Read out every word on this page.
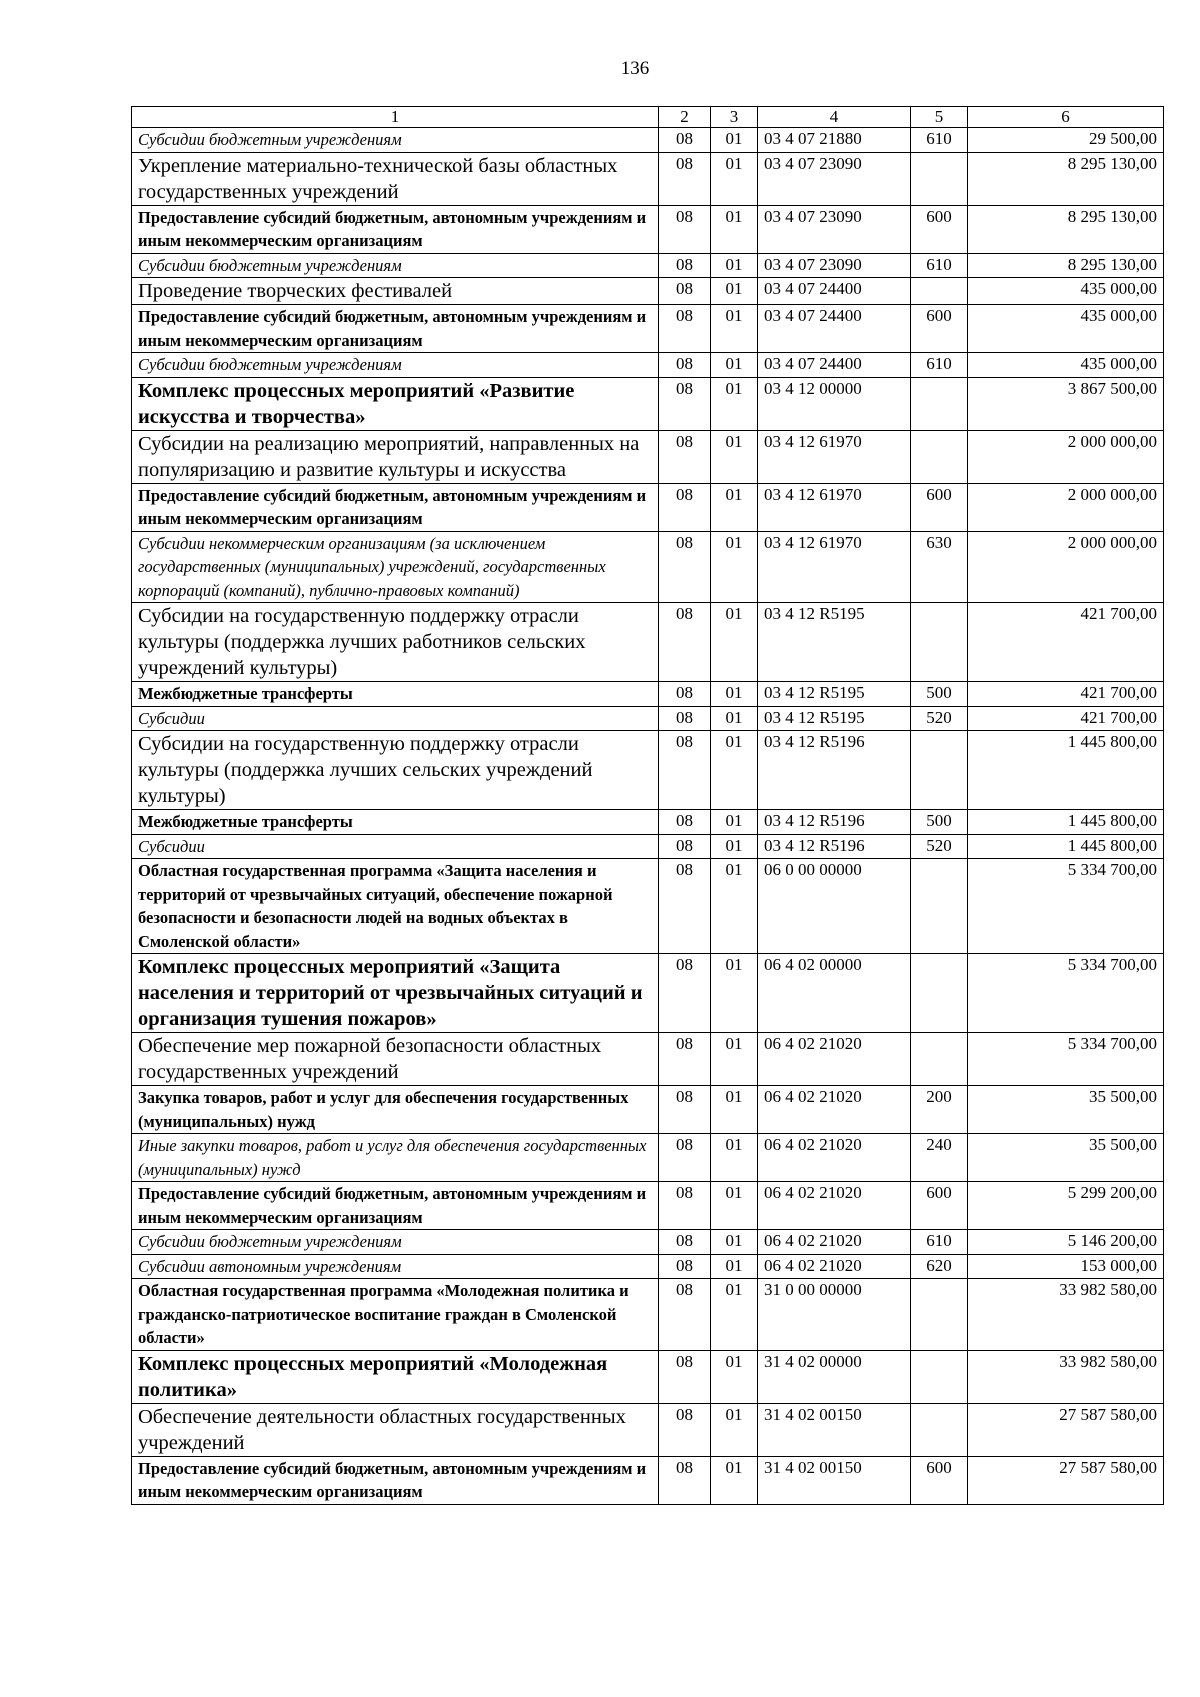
136
1	2	3	4	5	6
Субсидии бюджетным учреждениям	08	01	03 4 07 21880	610	29 500,00
Укрепление материально-технической базы областных государственных учреждений	08	01	03 4 07 23090		8 295 130,00
Предоставление субсидий бюджетным, автономным учреждениям и иным некоммерческим организациям	08	01	03 4 07 23090	600	8 295 130,00
Субсидии бюджетным учреждениям	08	01	03 4 07 23090	610	8 295 130,00
Проведение творческих фестивалей	08	01	03 4 07 24400		435 000,00
Предоставление субсидий бюджетным, автономным учреждениям и иным некоммерческим организациям	08	01	03 4 07 24400	600	435 000,00
Субсидии бюджетным учреждениям	08	01	03 4 07 24400	610	435 000,00
Комплекс процессных мероприятий «Развитие искусства и творчества»	08	01	03 4 12 00000		3 867 500,00
Субсидии на реализацию мероприятий, направленных на популяризацию и развитие культуры и искусства	08	01	03 4 12 61970		2 000 000,00
Предоставление субсидий бюджетным, автономным учреждениям и иным некоммерческим организациям	08	01	03 4 12 61970	600	2 000 000,00
Субсидии некоммерческим организациям (за исключением государственных (муниципальных) учреждений, государственных корпораций (компаний), публично-правовых компаний)	08	01	03 4 12 61970	630	2 000 000,00
Субсидии на государственную поддержку отрасли культуры (поддержка лучших работников сельских учреждений культуры)	08	01	03 4 12 R5195		421 700,00
Межбюджетные трансферты	08	01	03 4 12 R5195	500	421 700,00
Субсидии	08	01	03 4 12 R5195	520	421 700,00
Субсидии на государственную поддержку отрасли культуры (поддержка лучших сельских учреждений культуры)	08	01	03 4 12 R5196		1 445 800,00
Межбюджетные трансферты	08	01	03 4 12 R5196	500	1 445 800,00
Субсидии	08	01	03 4 12 R5196	520	1 445 800,00
Областная государственная программа «Защита населения и территорий от чрезвычайных ситуаций, обеспечение пожарной безопасности и безопасности людей на водных объектах в Смоленской области»	08	01	06 0 00 00000		5 334 700,00
Комплекс процессных мероприятий «Защита населения и территорий от чрезвычайных ситуаций и организация тушения пожаров»	08	01	06 4 02 00000		5 334 700,00
Обеспечение мер пожарной безопасности областных государственных учреждений	08	01	06 4 02 21020		5 334 700,00
Закупка товаров, работ и услуг для обеспечения государственных (муниципальных) нужд	08	01	06 4 02 21020	200	35 500,00
Иные закупки товаров, работ и услуг для обеспечения государственных (муниципальных) нужд	08	01	06 4 02 21020	240	35 500,00
Предоставление субсидий бюджетным, автономным учреждениям и иным некоммерческим организациям	08	01	06 4 02 21020	600	5 299 200,00
Субсидии бюджетным учреждениям	08	01	06 4 02 21020	610	5 146 200,00
Субсидии автономным учреждениям	08	01	06 4 02 21020	620	153 000,00
Областная государственная программа «Молодежная политика и гражданско-патриотическое воспитание граждан в Смоленской области»	08	01	31 0 00 00000		33 982 580,00
Комплекс процессных мероприятий «Молодежная политика»	08	01	31 4 02 00000		33 982 580,00
Обеспечение деятельности областных государственных учреждений	08	01	31 4 02 00150		27 587 580,00
Предоставление субсидий бюджетным, автономным учреждениям и иным некоммерческим организациям	08	01	31 4 02 00150	600	27 587 580,00
